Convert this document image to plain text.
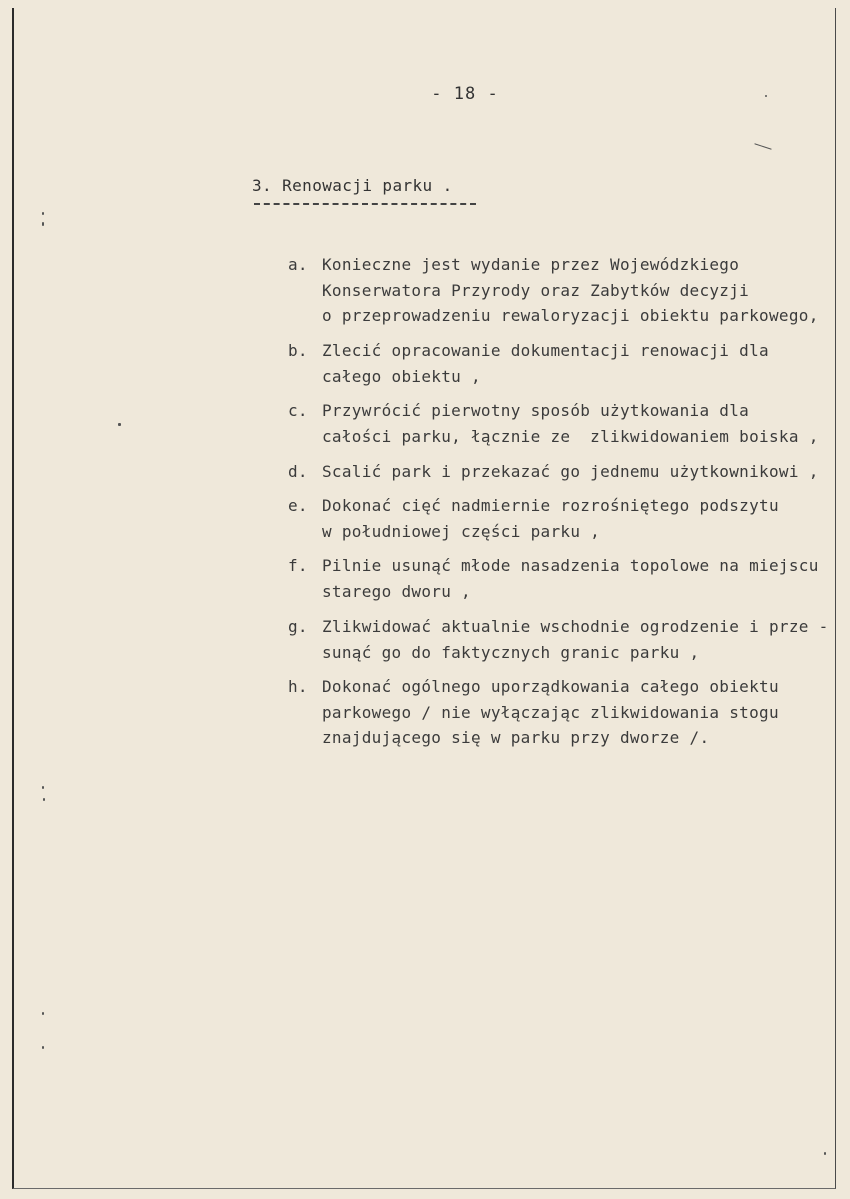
- 18 -
3. Renowacji parku .
a. Konieczne jest wydanie przez Wojewódzkiego
Konserwatora Przyrody oraz Zabytków decyzji
o przeprowadzeniu rewaloryzacji obiektu parkowego,
b. Zlecić opracowanie dokumentacji renowacji dla
całego obiektu ,
c. Przywrócić pierwotny sposób użytkowania dla
całości parku, łącznie ze  zlikwidowaniem boiska ,
d. Scalić park i przekazać go jednemu użytkownikowi ,
e. Dokonać cięć nadmiernie rozrośniętego podszytu
w południowej części parku ,
f. Pilnie usunąć młode nasadzenia topolowe na miejscu
starego dworu ,
g. Zlikwidować aktualnie wschodnie ogrodzenie i prze -
sunąć go do faktycznych granic parku ,
h. Dokonać ogólnego uporządkowania całego obiektu
parkowego / nie wyłączając zlikwidowania stogu
znajdującego się w parku przy dworze /.
